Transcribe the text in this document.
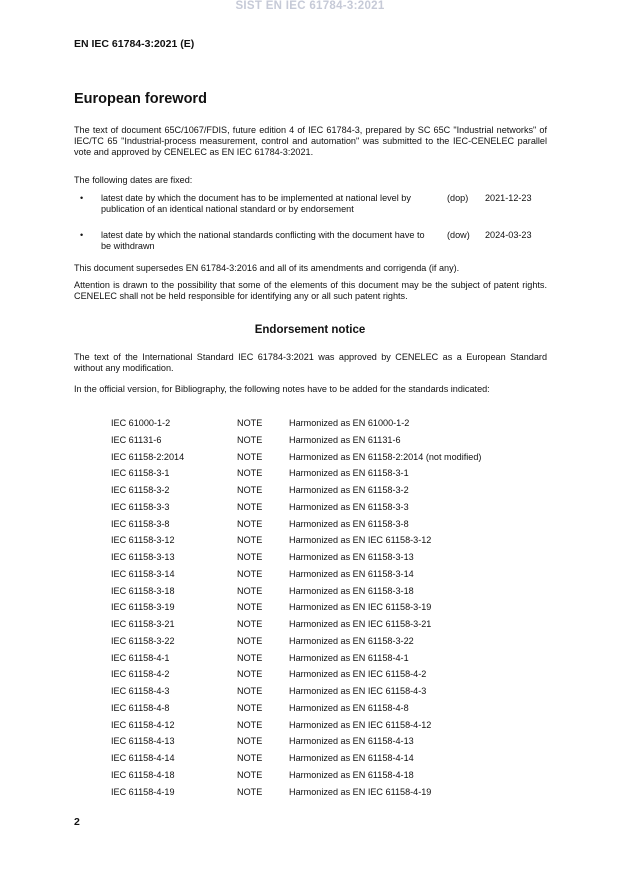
SIST EN IEC 61784-3:2021
EN IEC 61784-3:2021 (E)
European foreword

The text of document 65C/1067/FDIS, future edition 4 of IEC 61784-3, prepared by SC 65C "Industrial networks" of IEC/TC 65 "Industrial-process measurement, control and automation" was submitted to the IEC-CENELEC parallel vote and approved by CENELEC as EN IEC 61784-3:2021.

The following dates are fixed:

• latest date by which the document has to be implemented at national level by publication of an identical national standard or by endorsement
(dop) 2021-12-23
• latest date by which the national standards conflicting with the document have to be withdrawn
(dow) 2024-03-23

This document supersedes EN 61784-3:2016 and all of its amendments and corrigenda (if any).

Attention is drawn to the possibility that some of the elements of this document may be the subject of patent rights. CENELEC shall not be held responsible for identifying any or all such patent rights.

Endorsement notice

The text of the International Standard IEC 61784-3:2021 was approved by CENELEC as a European Standard without any modification.

In the official version, for Bibliography, the following notes have to be added for the standards indicated:

IEC 61000-1-2	NOTE	Harmonized as EN 61000-1-2
IEC 61131-6	NOTE	Harmonized as EN 61131-6
IEC 61158-2:2014	NOTE	Harmonized as EN 61158-2:2014 (not modified)
IEC 61158-3-1	NOTE	Harmonized as EN 61158-3-1
IEC 61158-3-2	NOTE	Harmonized as EN 61158-3-2
IEC 61158-3-3	NOTE	Harmonized as EN 61158-3-3
IEC 61158-3-8	NOTE	Harmonized as EN 61158-3-8
IEC 61158-3-12	NOTE	Harmonized as EN IEC 61158-3-12
IEC 61158-3-13	NOTE	Harmonized as EN 61158-3-13
IEC 61158-3-14	NOTE	Harmonized as EN 61158-3-14
IEC 61158-3-18	NOTE	Harmonized as EN 61158-3-18
IEC 61158-3-19	NOTE	Harmonized as EN IEC 61158-3-19
IEC 61158-3-21	NOTE	Harmonized as EN IEC 61158-3-21
IEC 61158-3-22	NOTE	Harmonized as EN 61158-3-22
IEC 61158-4-1	NOTE	Harmonized as EN 61158-4-1
IEC 61158-4-2	NOTE	Harmonized as EN IEC 61158-4-2
IEC 61158-4-3	NOTE	Harmonized as EN IEC 61158-4-3
IEC 61158-4-8	NOTE	Harmonized as EN 61158-4-8
IEC 61158-4-12	NOTE	Harmonized as EN IEC 61158-4-12
IEC 61158-4-13	NOTE	Harmonized as EN 61158-4-13
IEC 61158-4-14	NOTE	Harmonized as EN 61158-4-14
IEC 61158-4-18	NOTE	Harmonized as EN 61158-4-18
IEC 61158-4-19	NOTE	Harmonized as EN IEC 61158-4-19
2
